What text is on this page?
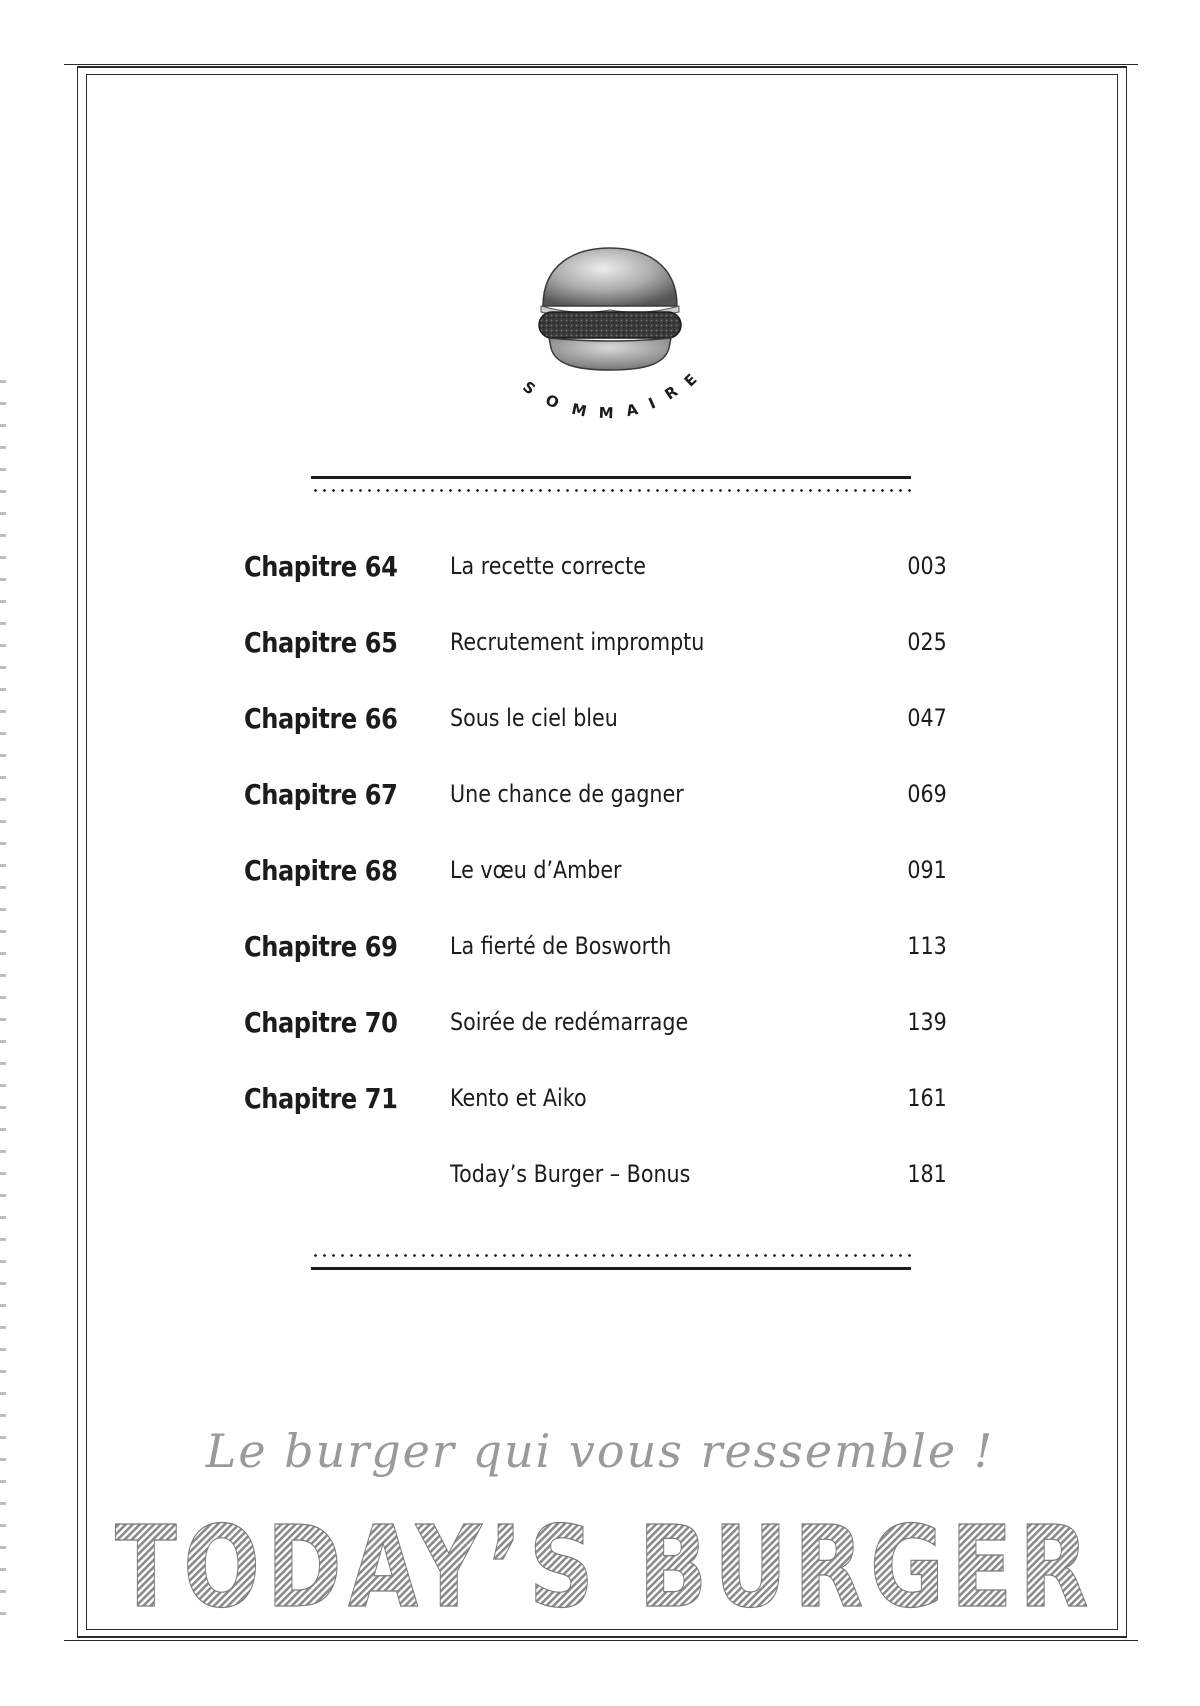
S
O M M A I R
E
Chapitre 64 La recette correcte	003
Chapitre 65 Recrutement impromptu	025
Chapitre 66 Sous le ciel bleu	047
Chapitre 67 Une chance de gagner	069
Chapitre 68 Le vœu d’Amber	091
Chapitre 69 La fierté de Bosworth	113
Chapitre 70 Soirée de redémarrage	139
Chapitre 71 Kento et Aiko	161
Today’s Burger – Bonus	181
Le burger qui vous ressemble !
TODAY’S BURGER
